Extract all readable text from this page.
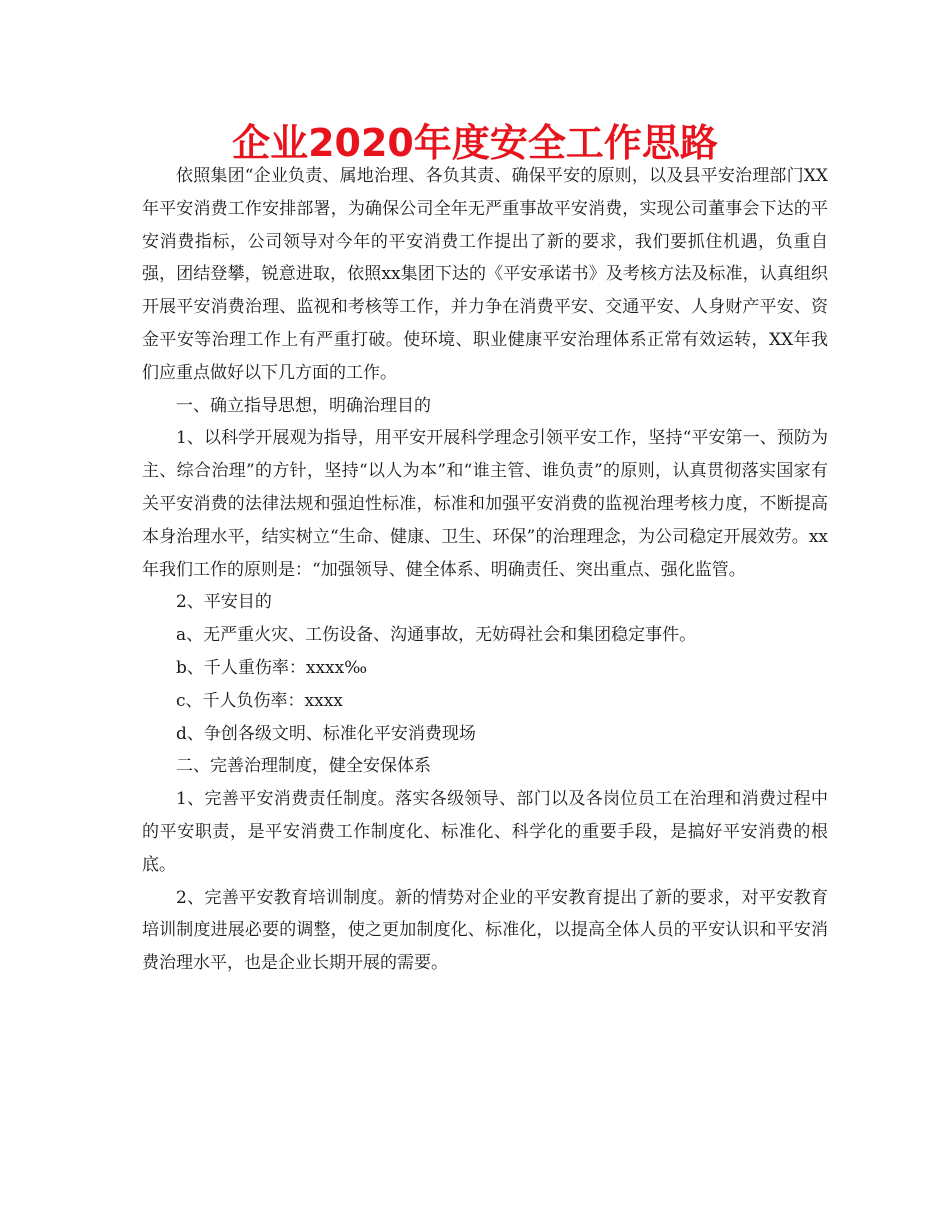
企业2020年度安全工作思路

依照集团“企业负责、属地治理、各负其责、确保平安的原则，以及县平安治理部门XX年平安消费工作安排部署，为确保公司全年无严重事故平安消费，实现公司董事会下达的平安消费指标，公司领导对今年的平安消费工作提出了新的要求，我们要抓住机遇，负重自强，团结登攀，锐意进取，依照xx集团下达的《平安承诺书》及考核方法及标准，认真组织开展平安消费治理、监视和考核等工作，并力争在消费平安、交通平安、人身财产平安、资金平安等治理工作上有严重打破。使环境、职业健康平安治理体系正常有效运转，XX年我们应重点做好以下几方面的工作。

一、确立指导思想，明确治理目的

1、以科学开展观为指导，用平安开展科学理念引领平安工作，坚持“平安第一、预防为主、综合治理”的方针，坚持“以人为本”和“谁主管、谁负责”的原则，认真贯彻落实国家有关平安消费的法律法规和强迫性标准，标准和加强平安消费的监视治理考核力度，不断提高本身治理水平，结实树立“生命、健康、卫生、环保”的治理理念，为公司稳定开展效劳。xx年我们工作的原则是：“加强领导、健全体系、明确责任、突出重点、强化监管。

2、平安目的

a、无严重火灾、工伤设备、沟通事故，无妨碍社会和集团稳定事件。

b、千人重伤率：xxxx‰

c、千人负伤率：xxxx

d、争创各级文明、标准化平安消费现场

二、完善治理制度，健全安保体系

1、完善平安消费责任制度。落实各级领导、部门以及各岗位员工在治理和消费过程中的平安职责，是平安消费工作制度化、标准化、科学化的重要手段，是搞好平安消费的根底。

2、完善平安教育培训制度。新的情势对企业的平安教育提出了新的要求，对平安教育培训制度进展必要的调整，使之更加制度化、标准化，以提高全体人员的平安认识和平安消费治理水平，也是企业长期开展的需要。
